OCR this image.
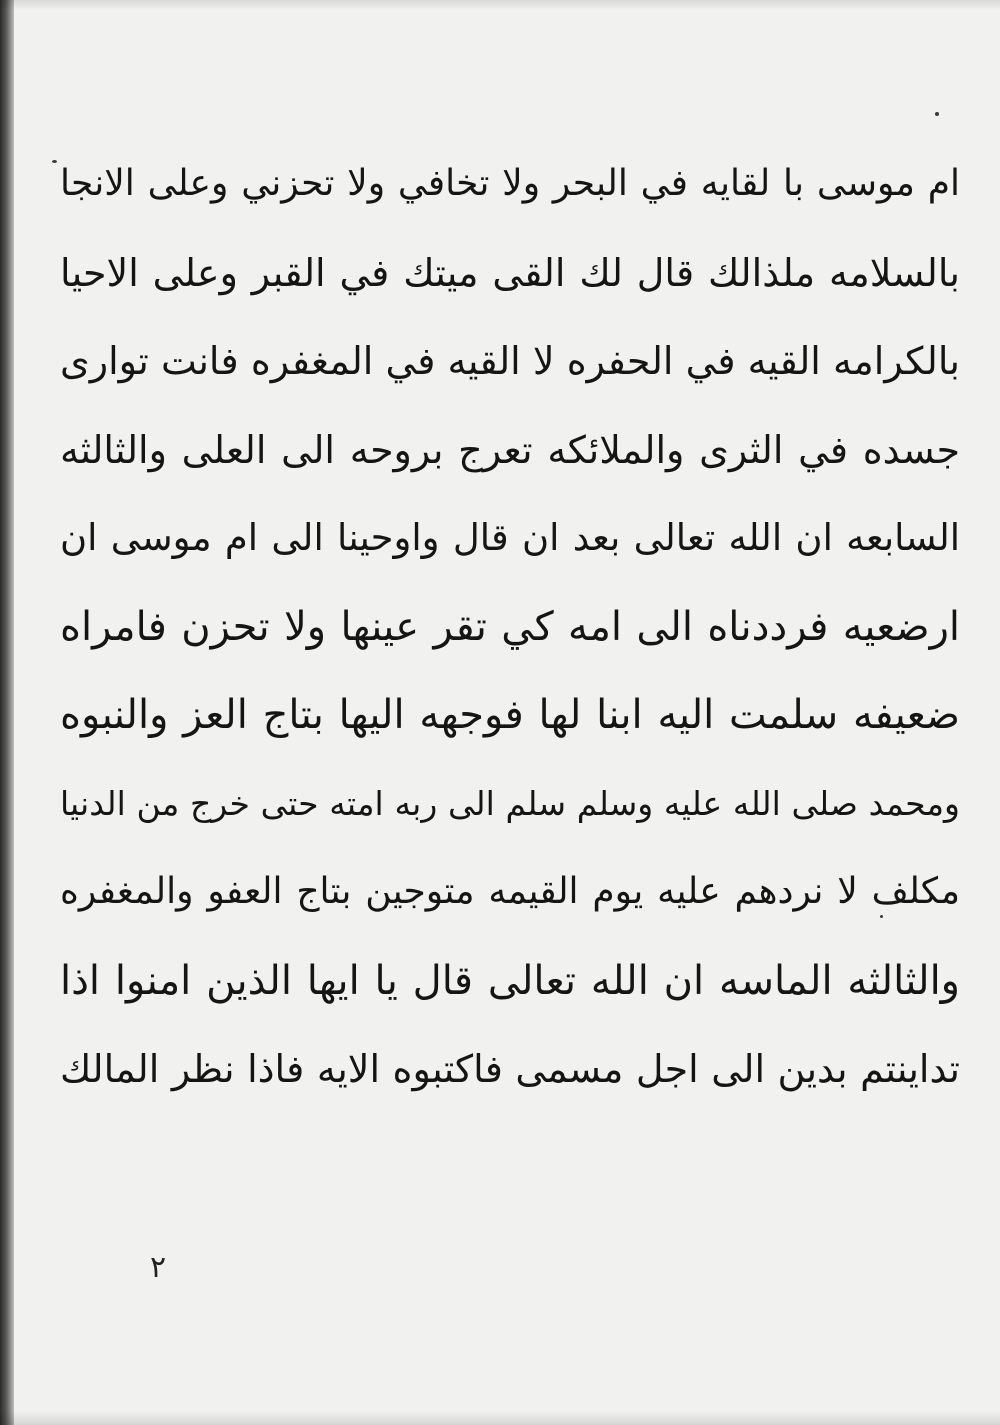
ام موسى با لقايه في البحر ولا تخافي ولا تحزني وعلى الانجا
بالسلامه ملذالك قال لك القى ميتك في القبر وعلى الاحيا
بالكرامه القيه في الحفره لا القيه في المغفره فانت توارى
جسده في الثرى والملائكه تعرج بروحه الى العلى والثالثه
السابعه ان الله تعالى بعد ان قال واوحينا الى ام موسى ان
ارضعيه فرددناه الى امه كي تقر عينها ولا تحزن فامراه
ضعيفه سلمت اليه ابنا لها فوجهه اليها بتاج العز والنبوه
ومحمد صلى الله عليه وسلم سلم الى ربه امته حتى خرج من الدنيا
مكلف لا نردهم عليه يوم القيمه متوجين بتاج العفو والمغفره
والثالثه الماسه ان الله تعالى قال يا ايها الذين امنوا اذا
تداينتم بدين الى اجل مسمى فاكتبوه الايه فاذا نظر المالك
٢
